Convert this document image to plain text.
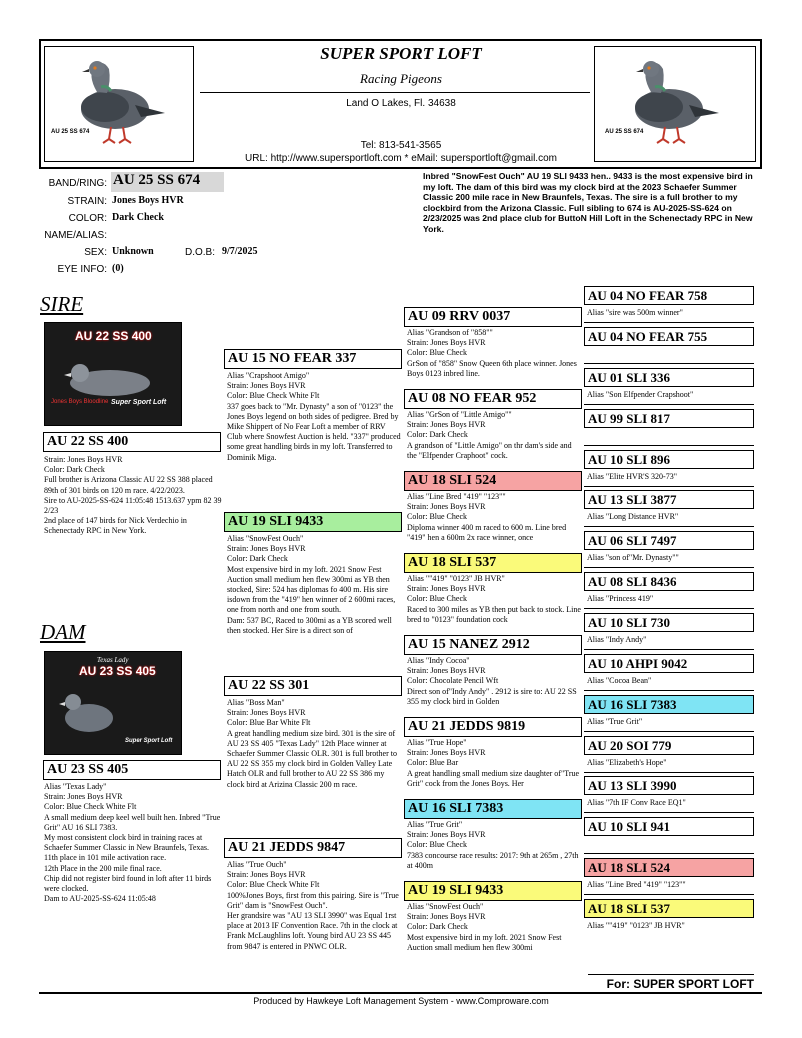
AU 25 SS 674	AU 25 SS 674
SUPER SPORT LOFT
Racing Pigeons
Land O Lakes, Fl. 34638
Tel: 813-541-3565
URL: http://www.supersportloft.com * eMail: supersportloft@gmail.com
BAND/RING: AU 25 SS 674
STRAIN: Jones Boys HVR
COLOR: Dark Check
NAME/ALIAS:
SEX: Unknown	D.O.B: 9/7/2025
EYE INFO: (0)
Inbred "SnowFest Ouch" AU 19 SLI 9433 hen.. 9433 is the most expensive bird in my loft. The dam of this bird was my clock bird at the 2023 Schaefer Summer Classic 200 mile race in New Braunfels, Texas. The sire is a full brother to my clockbird from the Arizona Classic. Full sibling to 674 is AU-2025-SS-624 on 2/23/2025 was 2nd place club for ButtoN Hill Loft in the Schenectady RPC in New York.
SIRE
DAM
AU 22 SS 400
Jones Boys Bloodline Super Sport Loft
AU 22 SS 400
Strain: Jones Boys HVR
Color: Dark Check
Full brother is Arizona Classic AU 22 SS 388 placed 89th of 301 birds on 120 m race. 4/22/2023.
Sire to AU-2025-SS-624 11:05:48 1513.637 ypm 82 39 2/23
2nd place of 147 birds for Nick Verdechio in Schenectady RPC in New York.
Texas Lady
AU 23 SS 405
Super Sport Loft
AU 23 SS 405
Alias "Texas Lady"
Strain: Jones Boys HVR
Color: Blue Check White Flt
A small medium deep keel well built hen. Inbred "True Grit" AU 16 SLI 7383.
My most consistent clock bird in training races at Schaefer Summer Classic in New Braunfels, Texas.
11th place in 101 mile activation race.
12th Place in the 200 mile final race.
Chip did not register bird found in loft after 11 birds were clocked.
Dam to AU-2025-SS-624 11:05:48
AU 15 NO FEAR 337
Alias "Crapshoot Amigo"
Strain: Jones Boys HVR
Color: Blue Check White Flt
337 goes back to "Mr. Dynasty" a son of "0123" the Jones Boys legend on both sides of pedigree. Bred by Mike Shippert of No Fear Loft a member of RRV Club where Snowfest Auction is held. "337" produced some great handling birds in my loft. Transferred to Dominik Miga.
AU 19 SLI 9433
Alias "SnowFest Ouch"
Strain: Jones Boys HVR
Color: Dark Check
Most expensive bird in my loft. 2021 Snow Fest Auction small medium hen flew 300mi as YB then stocked, Sire: 524 has diplomas fo 400 m. His sire isdown from the "419" hen winner of 2 600mi races, one from north and one from south.
Dam: 537 BC, Raced to 300mi as a YB scored well then stocked. Her Sire is a direct son of
AU 22 SS 301
Alias "Boss Man"
Strain: Jones Boys HVR
Color: Blue Bar White Flt
A great handling medium size bird. 301 is the sire of AU 23 SS 405 "Texas Lady" 12th Place winner at Schaefer Summer Classic OLR. 301 is full brother to AU 22 SS 355 my clock bird in Golden Valley Late Hatch OLR and full brother to AU 22 SS 386 my clock bird at Arizina Classic 200 m race.
AU 21 JEDDS 9847
Alias "True Ouch"
Strain: Jones Boys HVR
Color: Blue Check White Flt
100%Jones Boys, first from this pairing. Sire is "True Grit" dam is "SnowFest Ouch".
Her grandsire was "AU 13 SLI 3990" was Equal 1rst place at 2013 IF Convention Race. 7th in the clock at Frank McLaughlins loft. Young bird AU 23 SS 445 from 9847 is entered in PNWC OLR.
AU 09 RRV 0037
Alias "Grandson of "858""
Strain: Jones Boys HVR
Color: Blue Check
GrSon of "858" Snow Queen 6th place winner. Jones Boys 0123 inbred line.
AU 08 NO FEAR 952
Alias "GrSon of "Little Amigo""
Strain: Jones Boys HVR
Color: Dark Check
A grandson of "Little Amigo" on thr dam's side and the "Elfpender Craphoot" cock.
AU 18 SLI 524
Alias "Line Bred "419" "123""
Strain: Jones Boys HVR
Color: Blue Check
Diploma winner 400 m raced to 600 m. Line bred "419" hen a 600m 2x race winner, once
AU 18 SLI 537
Alias ""419" "0123" JB HVR"
Strain: Jones Boys HVR
Color: Blue Check
Raced to 300 miles as YB then put back to stock. Line bred to "0123" foundation cock
AU 15 NANEZ 2912
Alias "Indy Cocoa"
Strain: Jones Boys HVR
Color: Chocolate Pencil Wft
Direct son of"Indy Andy" . 2912 is sire to: AU 22 SS 355 my clock bird in Golden
AU 21 JEDDS 9819
Alias "True Hope"
Strain: Jones Boys HVR
Color: Blue Bar
A great handling small medium size daughter of"True Grit" cock from the Jones Boys. Her
AU 16 SLI 7383
Alias "True Grit"
Strain: Jones Boys HVR
Color: Blue Check
7383 concourse race results: 2017: 9th at 265m , 27th at 400m
AU 19 SLI 9433
Alias "SnowFest Ouch"
Strain: Jones Boys HVR
Color: Dark Check
Most expensive bird in my loft. 2021 Snow Fest Auction small medium hen flew 300mi
AU 04 NO FEAR 758
Alias "sire was 500m winner"
AU 04 NO FEAR 755
AU 01 SLI 336
Alias "Son Elfpender Crapshoot"
AU 99 SLI 817
AU 10 SLI 896
Alias "Elite HVR'S 320-73"
AU 13 SLI 3877
Alias "Long Distance HVR"
AU 06 SLI 7497
Alias "son of"Mr. Dynasty""
AU 08 SLI 8436
Alias "Princess 419"
AU 10 SLI 730
Alias "Indy Andy"
AU 10 AHPI 9042
Alias "Cocoa Bean"
AU 16 SLI 7383
Alias "True Grit"
AU 20 SOI 779
Alias "Elizabeth's Hope"
AU 13 SLI 3990
Alias "7th IF Conv Race EQ1"
AU 10 SLI 941
AU 18 SLI 524
Alias "Line Bred "419" "123""
AU 18 SLI 537
Alias ""419" "0123" JB HVR"
For: SUPER SPORT LOFT
Produced by Hawkeye Loft Management System - www.Comproware.com
